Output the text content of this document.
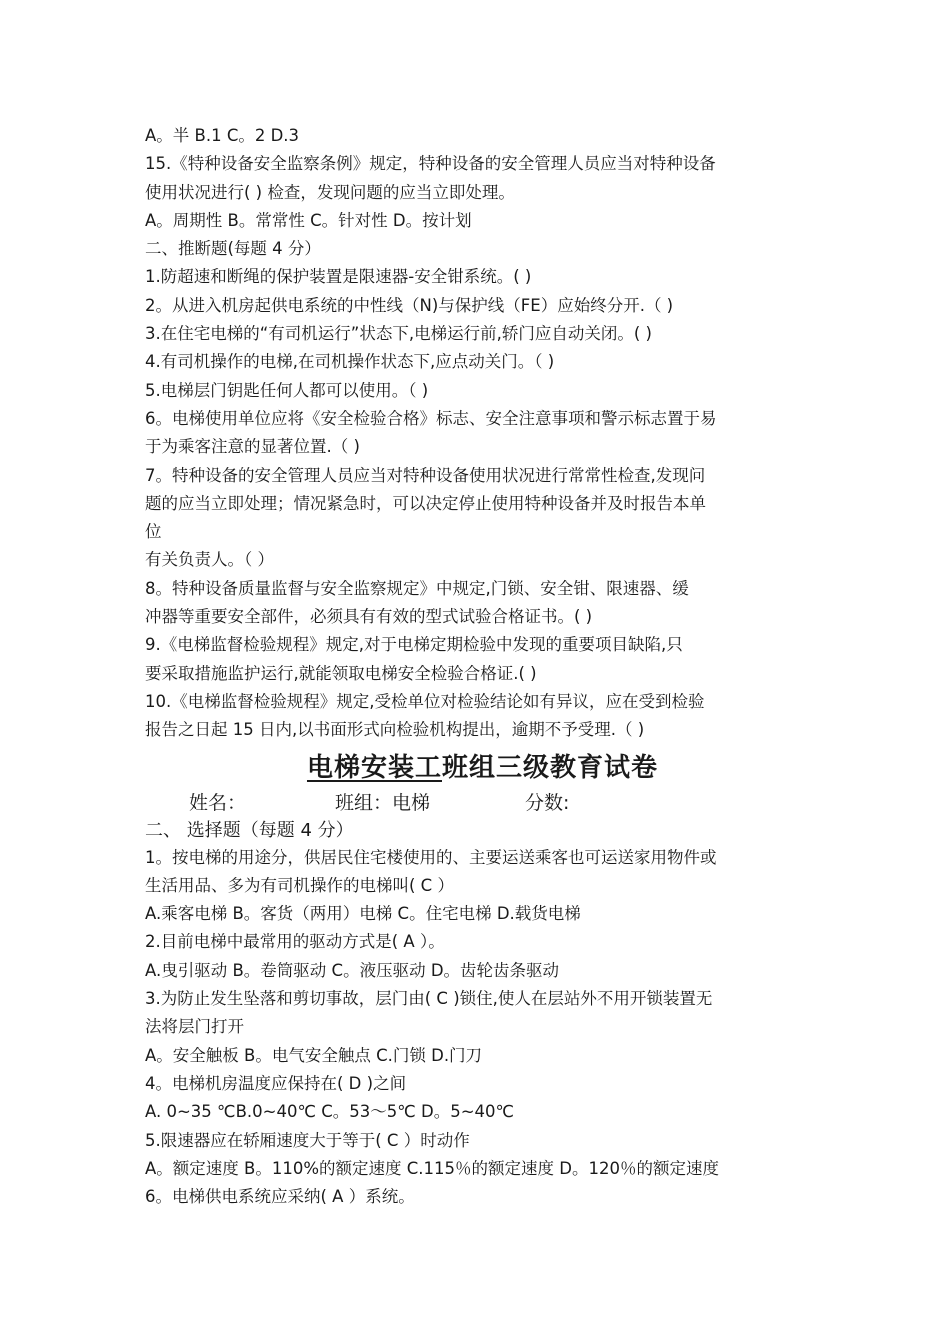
A。半 B.1 C。2 D.3
15.《特种设备安全监察条例》规定，特种设备的安全管理人员应当对特种设备
使用状况进行( ) 检查，发现问题的应当立即处理。
A。周期性 B。常常性 C。针对性 D。按计划
二、推断题(每题 4 分）
1.防超速和断绳的保护装置是限速器-安全钳系统。( )
2。从进入机房起供电系统的中性线（N)与保护线（FE）应始终分开.（ )
3.在住宅电梯的“有司机运行”状态下,电梯运行前,轿门应自动关闭。( )
4.有司机操作的电梯,在司机操作状态下,应点动关门。（ )
5.电梯层门钥匙任何人都可以使用。（ )
6。电梯使用单位应将《安全检验合格》标志、安全注意事项和警示标志置于易
于为乘客注意的显著位置.（ )
7。特种设备的安全管理人员应当对特种设备使用状况进行常常性检查,发现问
题的应当立即处理；情况紧急时，可以决定停止使用特种设备并及时报告本单
位
有关负责人。（ ）
8。特种设备质量监督与安全监察规定》中规定,门锁、安全钳、限速器、缓
冲器等重要安全部件，必须具有有效的型式试验合格证书。( )
9.《电梯监督检验规程》规定,对于电梯定期检验中发现的重要项目缺陷,只
要采取措施监护运行,就能领取电梯安全检验合格证.( )
10.《电梯监督检验规程》规定,受检单位对检验结论如有异议，应在受到检验
报告之日起 15 日内,以书面形式向检验机构提出，逾期不予受理.（ )
电梯安装工班组三级教育试卷
姓名：	班组：电梯	分数:
二、 选择题（每题 4 分）
1。按电梯的用途分，供居民住宅楼使用的、主要运送乘客也可运送家用物件或
生活用品、多为有司机操作的电梯叫( C ）
A.乘客电梯 B。客货（两用）电梯 C。住宅电梯 D.载货电梯
2.目前电梯中最常用的驱动方式是( A ）。
A.曳引驱动 B。卷筒驱动 C。液压驱动 D。齿轮齿条驱动
3.为防止发生坠落和剪切事故，层门由( C )锁住,使人在层站外不用开锁装置无
法将层门打开
A。安全触板 B。电气安全触点 C.门锁 D.门刀
4。电梯机房温度应保持在( D )之间
A. 0~35 ℃B.0~40℃ C。53～5℃ D。5~40℃
5.限速器应在轿厢速度大于等于( C ）时动作
A。额定速度 B。110%的额定速度 C.115％的额定速度 D。120％的额定速度
6。电梯供电系统应采纳( A ）系统。
